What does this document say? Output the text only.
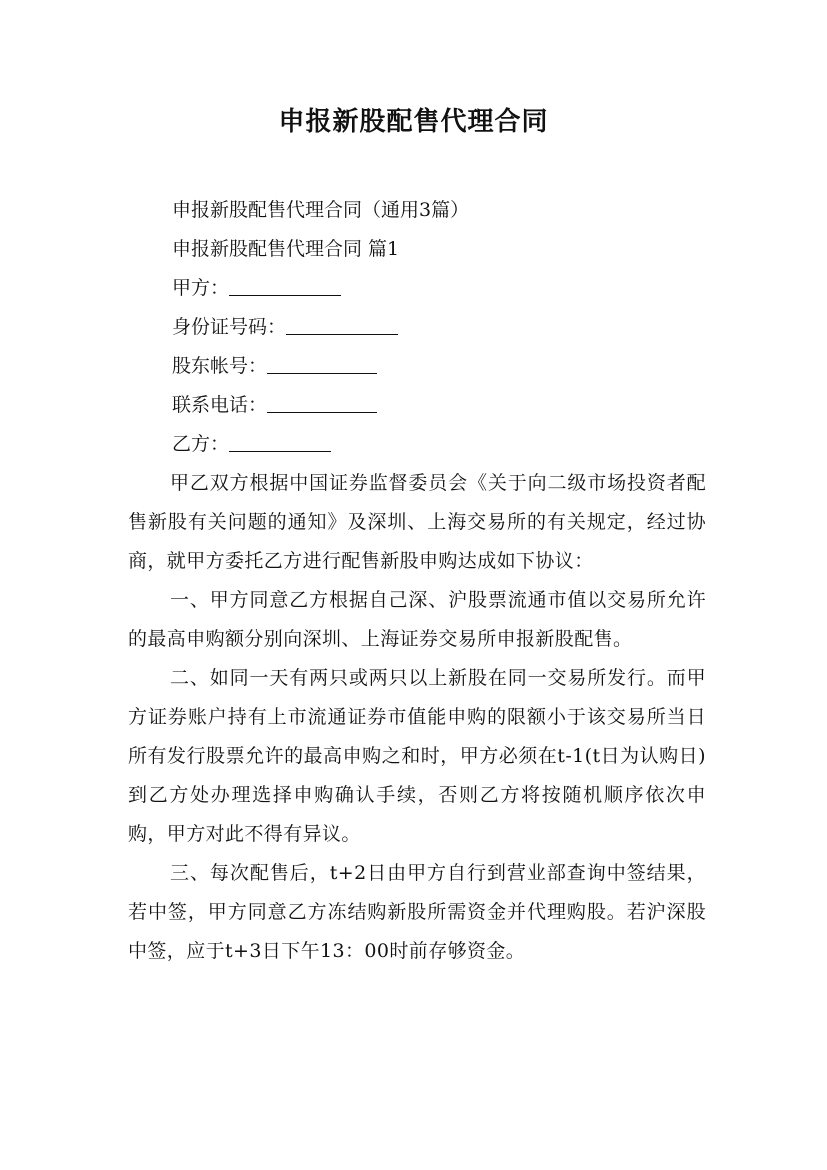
申报新股配售代理合同
申报新股配售代理合同（通用3篇）
申报新股配售代理合同 篇1
甲方：
身份证号码：
股东帐号：
联系电话：
乙方：
甲乙双方根据中国证券监督委员会《关于向二级市场投资者配售新股有关问题的通知》及深圳、上海交易所的有关规定，经过协商，就甲方委托乙方进行配售新股申购达成如下协议：
一、甲方同意乙方根据自己深、沪股票流通市值以交易所允许的最高申购额分别向深圳、上海证券交易所申报新股配售。
二、如同一天有两只或两只以上新股在同一交易所发行。而甲方证券账户持有上市流通证券市值能申购的限额小于该交易所当日所有发行股票允许的最高申购之和时，甲方必须在t-1(t日为认购日)到乙方处办理选择申购确认手续，否则乙方将按随机顺序依次申购，甲方对此不得有异议。
三、每次配售后，t+2日由甲方自行到营业部查询中签结果，若中签，甲方同意乙方冻结购新股所需资金并代理购股。若沪深股中签，应于t+3日下午13：00时前存够资金。
